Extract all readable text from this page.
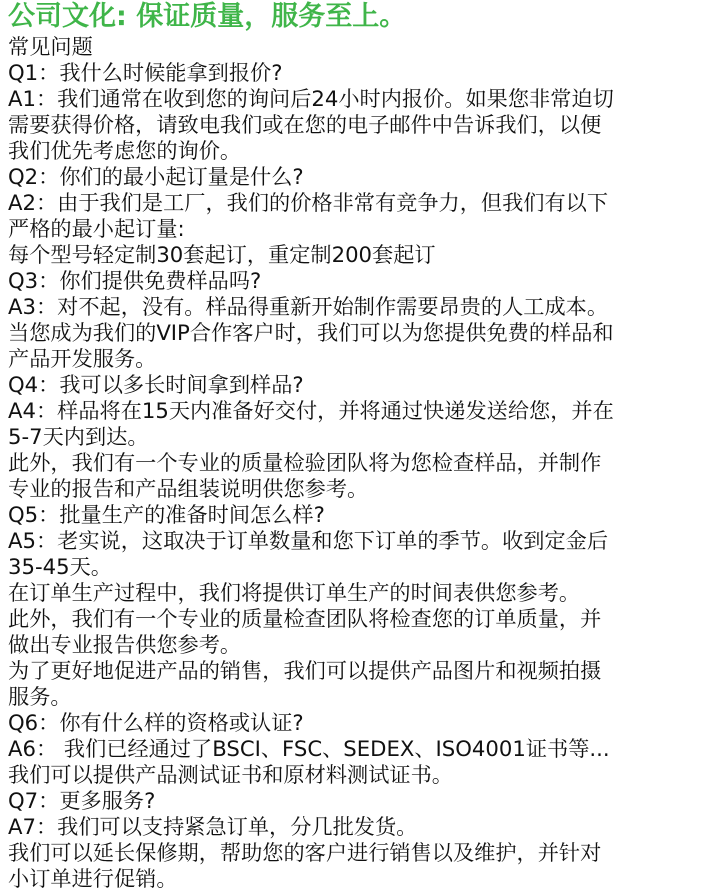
公司文化: 保证质量，服务至上。
常见问题
Q1：我什么时候能拿到报价?
A1：我们通常在收到您的询问后24小时内报价。如果您非常迫切
需要获得价格，请致电我们或在您的电子邮件中告诉我们，以便
我们优先考虑您的询价。
Q2：你们的最小起订量是什么?
A2：由于我们是工厂，我们的价格非常有竞争力，但我们有以下
严格的最小起订量:
每个型号轻定制30套起订，重定制200套起订
Q3：你们提供免费样品吗?
A3：对不起，没有。样品得重新开始制作需要昂贵的人工成本。
当您成为我们的VIP合作客户时，我们可以为您提供免费的样品和
产品开发服务。
Q4：我可以多长时间拿到样品?
A4：样品将在15天内准备好交付，并将通过快递发送给您，并在
5-7天内到达。
此外，我们有一个专业的质量检验团队将为您检查样品，并制作
专业的报告和产品组装说明供您参考。
Q5：批量生产的准备时间怎么样?
A5：老实说，这取决于订单数量和您下订单的季节。收到定金后
35-45天。
在订单生产过程中，我们将提供订单生产的时间表供您参考。
此外，我们有一个专业的质量检查团队将检查您的订单质量，并
做出专业报告供您参考。
为了更好地促进产品的销售，我们可以提供产品图片和视频拍摄
服务。
Q6：你有什么样的资格或认证?
A6： 我们已经通过了BSCI、FSC、SEDEX、ISO4001证书等...
我们可以提供产品测试证书和原材料测试证书。
Q7：更多服务?
A7：我们可以支持紧急订单，分几批发货。
我们可以延长保修期，帮助您的客户进行销售以及维护，并针对
小订单进行促销。
